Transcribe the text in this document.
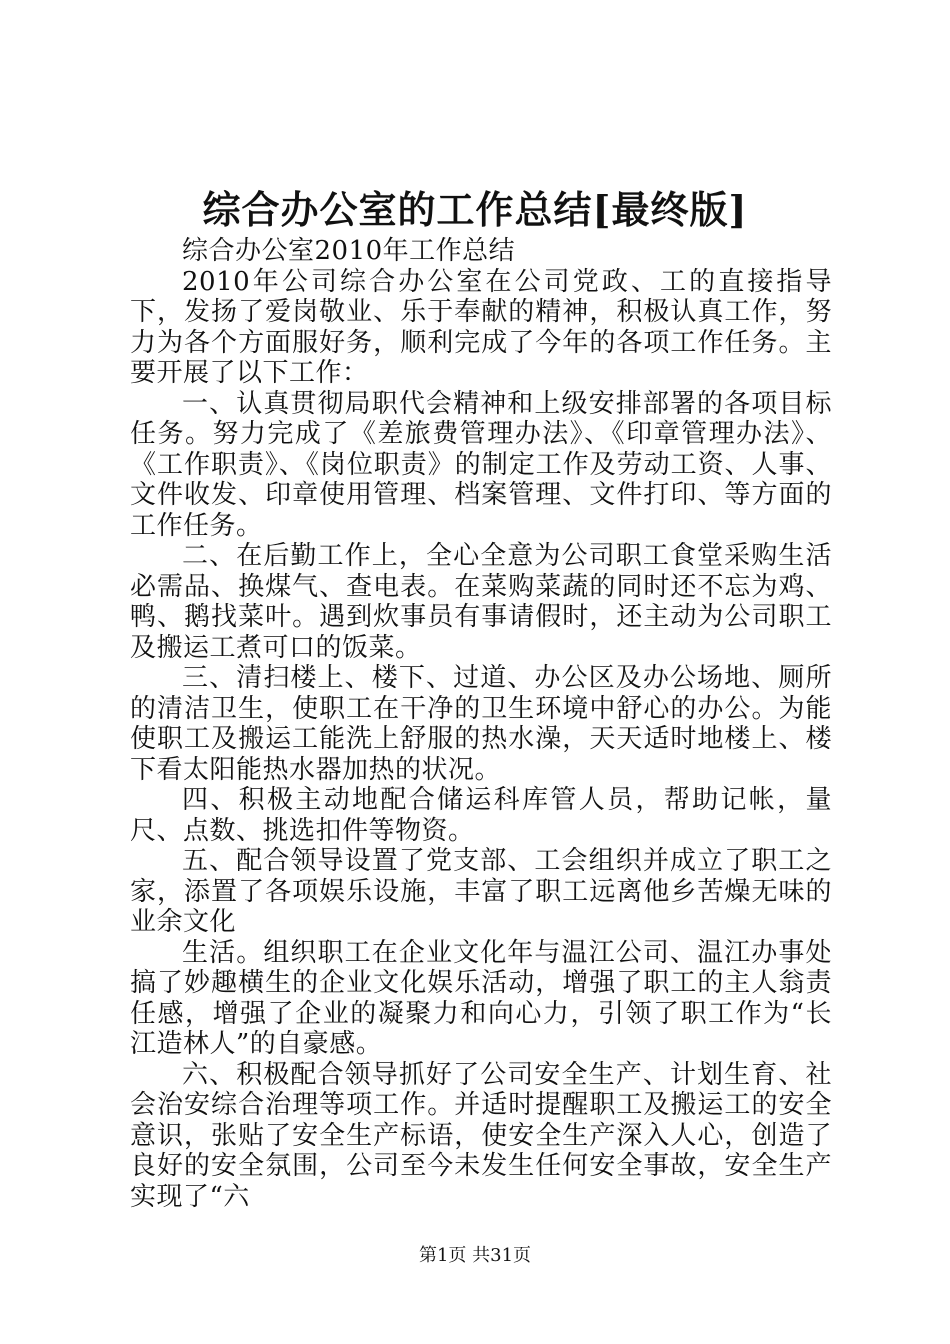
综合办公室的工作总结[最终版]

综合办公室2010年工作总结

2010年公司综合办公室在公司党政、工的直接指导下，发扬了爱岗敬业、乐于奉献的精神，积极认真工作，努力为各个方面服好务，顺利完成了今年的各项工作任务。主要开展了以下工作：

一、认真贯彻局职代会精神和上级安排部署的各项目标任务。努力完成了《差旅费管理办法》、《印章管理办法》、《工作职责》、《岗位职责》的制定工作及劳动工资、人事、文件收发、印章使用管理、档案管理、文件打印、等方面的工作任务。

二、在后勤工作上，全心全意为公司职工食堂采购生活必需品、换煤气、查电表。在菜购菜蔬的同时还不忘为鸡、鸭、鹅找菜叶。遇到炊事员有事请假时，还主动为公司职工及搬运工煮可口的饭菜。

三、清扫楼上、楼下、过道、办公区及办公场地、厕所的清洁卫生，使职工在干净的卫生环境中舒心的办公。为能使职工及搬运工能洗上舒服的热水澡，天天适时地楼上、楼下看太阳能热水器加热的状况。

四、积极主动地配合储运科库管人员，帮助记帐，量尺、点数、挑选扣件等物资。

五、配合领导设置了党支部、工会组织并成立了职工之家，添置了各项娱乐设施，丰富了职工远离他乡苦燥无味的业余文化

生活。组织职工在企业文化年与温江公司、温江办事处搞了妙趣横生的企业文化娱乐活动，增强了职工的主人翁责任感，增强了企业的凝聚力和向心力，引领了职工作为“长江造林人”的自豪感。

六、积极配合领导抓好了公司安全生产、计划生育、社会治安综合治理等项工作。并适时提醒职工及搬运工的安全意识，张贴了安全生产标语，使安全生产深入人心，创造了良好的安全氛围，公司至今未发生任何安全事故，安全生产实现了“六

第1页 共31页
